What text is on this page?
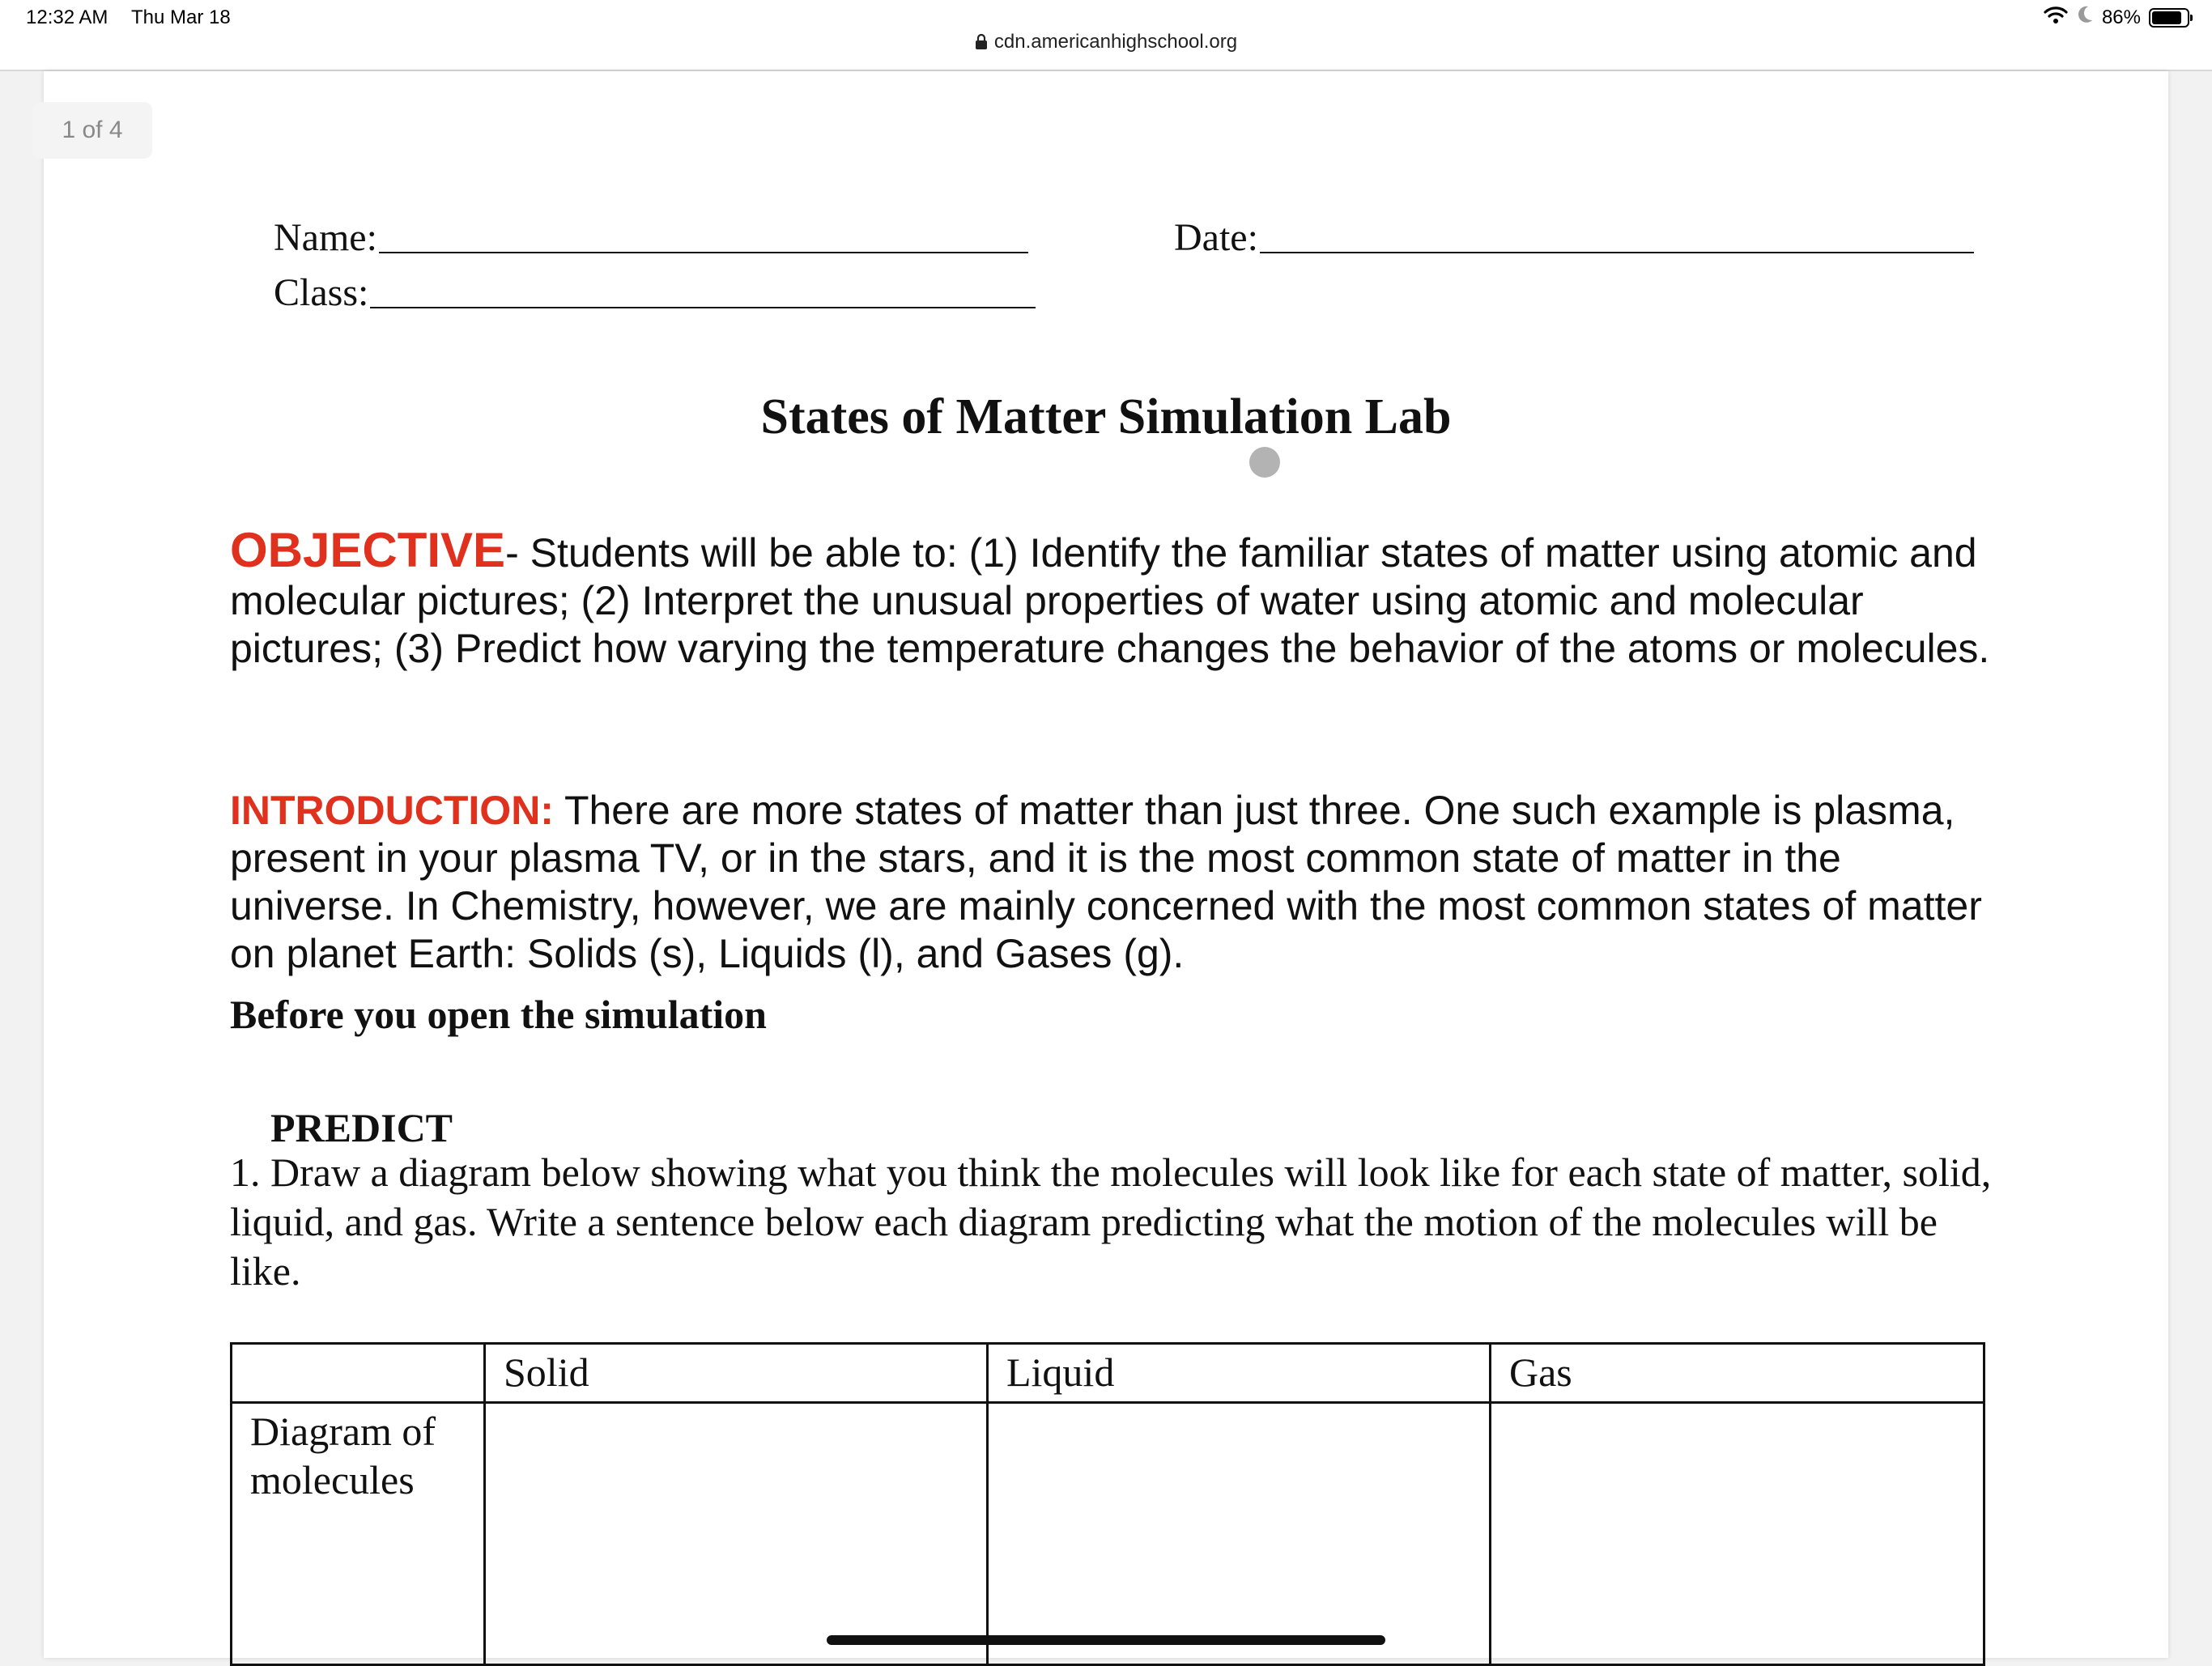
12:32 AM Thu Mar 18
cdn.americanhighschool.org
86%
1 of 4
Name:	Date:
Class:
States of Matter Simulation Lab
OBJECTIVE- Students will be able to: (1) Identify the familiar states of matter using atomic and molecular pictures; (2) Interpret the unusual properties of water using atomic and molecular pictures; (3) Predict how varying the temperature changes the behavior of the atoms or molecules.
INTRODUCTION: There are more states of matter than just three. One such example is plasma, present in your plasma TV, or in the stars, and it is the most common state of matter in the universe. In Chemistry, however, we are mainly concerned with the most common states of matter on planet Earth: Solids (s), Liquids (l), and Gases (g).
Before you open the simulation
PREDICT
1. Draw a diagram below showing what you think the molecules will look like for each state of matter, solid, liquid, and gas. Write a sentence below each diagram predicting what the motion of the molecules will be like.
	Solid	Liquid	Gas
Diagram of molecules			
